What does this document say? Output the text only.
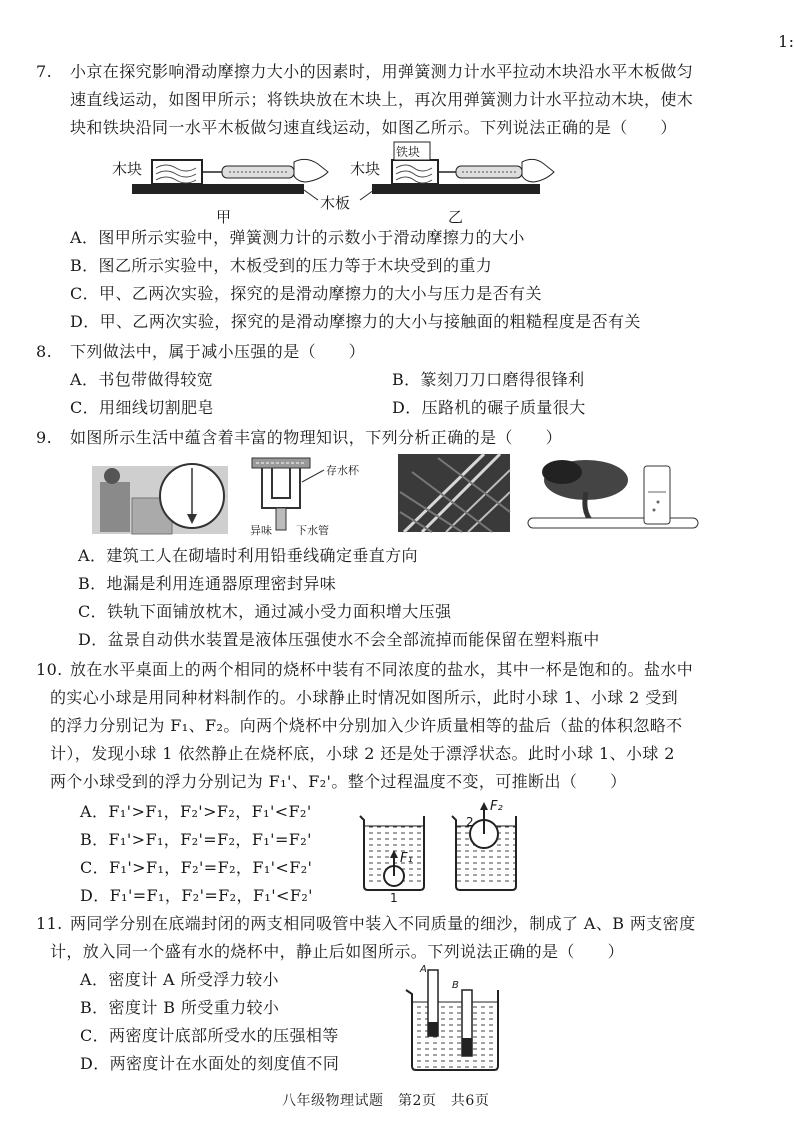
1:
7. 小京在探究影响滑动摩擦力大小的因素时，用弹簧测力计水平拉动木块沿水平木板做匀
速直线运动，如图甲所示；将铁块放在木块上，再次用弹簧测力计水平拉动木块，使木
块和铁块沿同一水平木板做匀速直线运动，如图乙所示。下列说法正确的是（　　）
木块
甲
木板
铁块
木块
乙
A．图甲所示实验中，弹簧测力计的示数小于滑动摩擦力的大小
B．图乙所示实验中，木板受到的压力等于木块受到的重力
C．甲、乙两次实验，探究的是滑动摩擦力的大小与压力是否有关
D．甲、乙两次实验，探究的是滑动摩擦力的大小与接触面的粗糙程度是否有关
8. 下列做法中，属于减小压强的是（　　）
A．书包带做得较宽	B．篆刻刀刀口磨得很锋利
C．用细线切割肥皂	D．压路机的碾子质量很大
9. 如图所示生活中蕴含着丰富的物理知识，下列分析正确的是（　　）
存水杯
异味 下水管
A．建筑工人在砌墙时利用铅垂线确定垂直方向
B．地漏是利用连通器原理密封异味
C．铁轨下面铺放枕木，通过减小受力面积增大压强
D．盆景自动供水装置是液体压强使水不会全部流掉而能保留在塑料瓶中
10. 放在水平桌面上的两个相同的烧杯中装有不同浓度的盐水，其中一杯是饱和的。盐水中
的实心小球是用同种材料制作的。小球静止时情况如图所示，此时小球 1、小球 2 受到
的浮力分别记为 F₁、F₂。向两个烧杯中分别加入少许质量相等的盐后（盐的体积忽略不
计），发现小球 1 依然静止在烧杯底，小球 2 还是处于漂浮状态。此时小球 1、小球 2
两个小球受到的浮力分别记为 F₁'、F₂'。整个过程温度不变，可推断出（　　）
A．F₁'>F₁，F₂'>F₂，F₁'<F₂'
B．F₁'>F₁，F₂'=F₂，F₁'=F₂'
C．F₁'>F₁，F₂'=F₂，F₁'<F₂'
D．F₁'=F₁，F₂'=F₂，F₁'<F₂'
F₁
1
F₂
2
11. 两同学分别在底端封闭的两支相同吸管中装入不同质量的细沙，制成了 A、B 两支密度
计，放入同一个盛有水的烧杯中，静止后如图所示。下列说法正确的是（　　）
A．密度计 A 所受浮力较小
B．密度计 B 所受重力较小
C．两密度计底部所受水的压强相等
D．两密度计在水面处的刻度值不同
A
B
八年级物理试题　第2页　共6页
